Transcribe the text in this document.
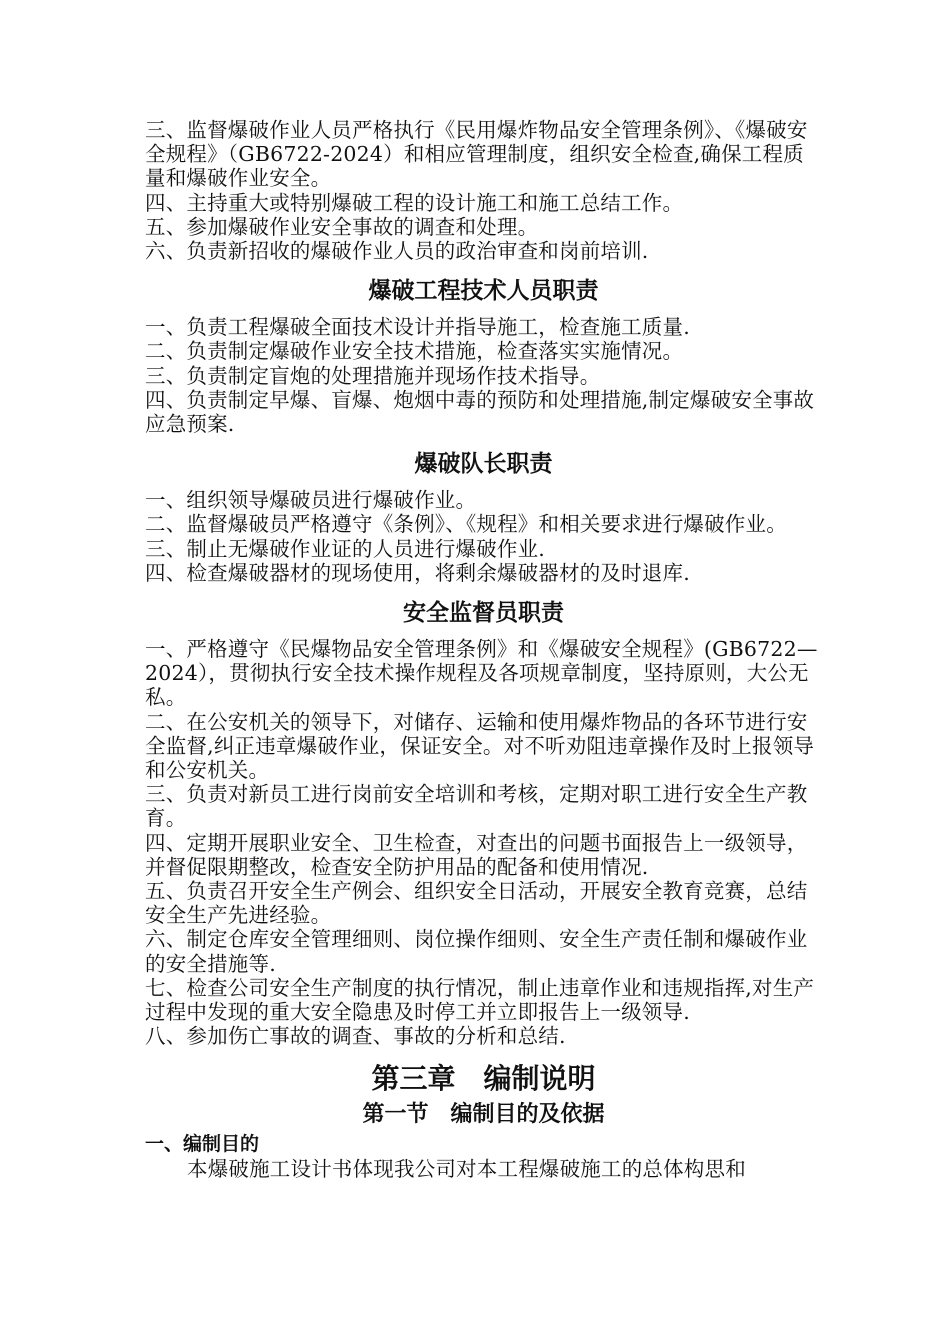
三、监督爆破作业人员严格执行《民用爆炸物品安全管理条例》、《爆破安全规程》（GB6722-2024）和相应管理制度，组织安全检查,确保工程质量和爆破作业安全。

四、主持重大或特别爆破工程的设计施工和施工总结工作。

五、参加爆破作业安全事故的调查和处理。

六、负责新招收的爆破作业人员的政治审查和岗前培训.

爆破工程技术人员职责

一、负责工程爆破全面技术设计并指导施工，检查施工质量.

二、负责制定爆破作业安全技术措施，检查落实实施情况。

三、负责制定盲炮的处理措施并现场作技术指导。

四、负责制定早爆、盲爆、炮烟中毒的预防和处理措施,制定爆破安全事故应急预案.

爆破队长职责

一、组织领导爆破员进行爆破作业。

二、监督爆破员严格遵守《条例》、《规程》和相关要求进行爆破作业。

三、制止无爆破作业证的人员进行爆破作业.

四、检查爆破器材的现场使用，将剩余爆破器材的及时退库.

安全监督员职责

一、严格遵守《民爆物品安全管理条例》和《爆破安全规程》(GB6722—2024），贯彻执行安全技术操作规程及各项规章制度，坚持原则，大公无私。

二、在公安机关的领导下，对储存、运输和使用爆炸物品的各环节进行安全监督,纠正违章爆破作业，保证安全。对不听劝阻违章操作及时上报领导和公安机关。

三、负责对新员工进行岗前安全培训和考核，定期对职工进行安全生产教育。

四、定期开展职业安全、卫生检查，对查出的问题书面报告上一级领导，并督促限期整改，检查安全防护用品的配备和使用情况.

五、负责召开安全生产例会、组织安全日活动，开展安全教育竞赛，总结安全生产先进经验。

六、制定仓库安全管理细则、岗位操作细则、安全生产责任制和爆破作业的安全措施等.

七、检查公司安全生产制度的执行情况，制止违章作业和违规指挥,对生产过程中发现的重大安全隐患及时停工并立即报告上一级领导.

八、参加伤亡事故的调查、事故的分析和总结.

第三章　编制说明
第一节　编制目的及依据

一、编制目的

本爆破施工设计书体现我公司对本工程爆破施工的总体构思和
